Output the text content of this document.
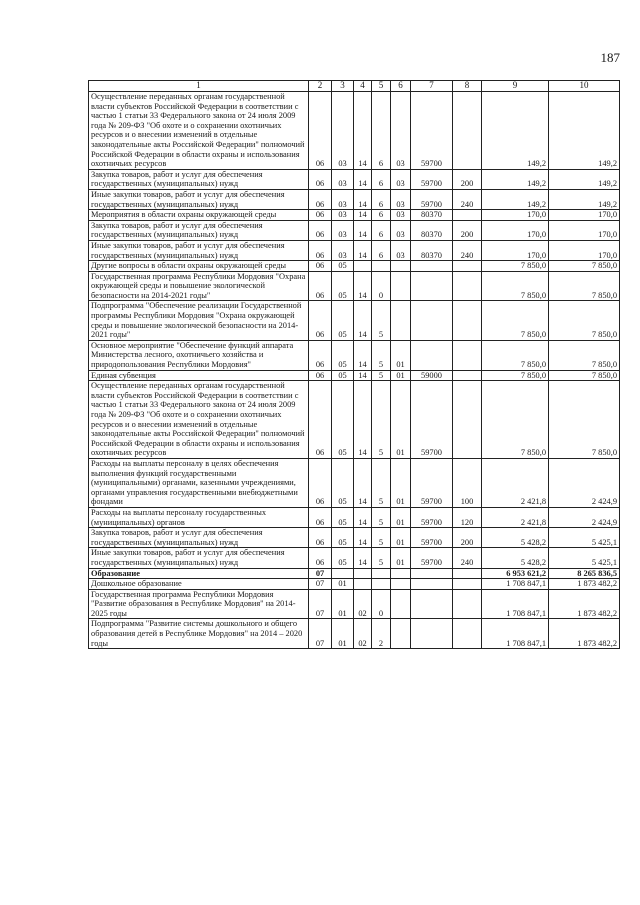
187
1	2	3	4	5	6	7	8	9	10
Осуществление переданных органам государственной власти субъектов Российской Федерации в соответствии с частью 1 статьи 33 Федерального закона от 24 июля 2009 года № 209-ФЗ "Об охоте и о сохранении охотничьих ресурсов и о внесении изменений в отдельные законодательные акты Российской Федерации" полномочий Российской Федерации в области охраны и использования охотничьих ресурсов	06	03	14	6	03	59700		149,2	149,2
Закупка товаров, работ и услуг для обеспечения государственных (муниципальных) нужд	06	03	14	6	03	59700	200	149,2	149,2
Иные закупки товаров, работ и услуг для обеспечения государственных (муниципальных) нужд	06	03	14	6	03	59700	240	149,2	149,2
Мероприятия в области охраны окружающей среды	06	03	14	6	03	80370		170,0	170,0
Закупка товаров, работ и услуг для обеспечения государственных (муниципальных) нужд	06	03	14	6	03	80370	200	170,0	170,0
Иные закупки товаров, работ и услуг для обеспечения государственных (муниципальных) нужд	06	03	14	6	03	80370	240	170,0	170,0
Другие вопросы в области охраны окружающей среды	06	05						7 850,0	7 850,0
Государственная программа Республики Мордовия "Охрана окружающей среды и повышение экологической безопасности на 2014-2021 годы"	06	05	14	0				7 850,0	7 850,0
Подпрограмма "Обеспечение реализации Государственной программы Республики Мордовия "Охрана окружающей среды и повышение экологической безопасности на 2014-2021 годы"	06	05	14	5				7 850,0	7 850,0
Основное мероприятие "Обеспечение функций аппарата Министерства лесного, охотничьего хозяйства и природопользования Республики Мордовия"	06	05	14	5	01			7 850,0	7 850,0
Единая субвенция	06	05	14	5	01	59000		7 850,0	7 850,0
Осуществление переданных органам государственной власти субъектов Российской Федерации в соответствии с частью 1 статьи 33 Федерального закона от 24 июля 2009 года № 209-ФЗ "Об охоте и о сохранении охотничьих ресурсов и о внесении изменений в отдельные законодательные акты Российской Федерации" полномочий Российской Федерации в области охраны и использования охотничьих ресурсов	06	05	14	5	01	59700		7 850,0	7 850,0
Расходы на выплаты персоналу в целях обеспечения выполнения функций государственными (муниципальными) органами, казенными учреждениями, органами управления государственными внебюджетными фондами	06	05	14	5	01	59700	100	2 421,8	2 424,9
Расходы на выплаты персоналу государственных (муниципальных) органов	06	05	14	5	01	59700	120	2 421,8	2 424,9
Закупка товаров, работ и услуг для обеспечения государственных (муниципальных) нужд	06	05	14	5	01	59700	200	5 428,2	5 425,1
Иные закупки товаров, работ и услуг для обеспечения государственных (муниципальных) нужд	06	05	14	5	01	59700	240	5 428,2	5 425,1
Образование	07							6 953 621,2	8 265 836,5
Дошкольное образование	07	01						1 708 847,1	1 873 482,2
Государственная программа Республики Мордовия "Развитие образования в Республике Мордовия" на 2014-2025 годы	07	01	02	0				1 708 847,1	1 873 482,2
Подпрограмма "Развитие системы дошкольного и общего образования детей в Республике Мордовия" на 2014 – 2020 годы	07	01	02	2				1 708 847,1	1 873 482,2
